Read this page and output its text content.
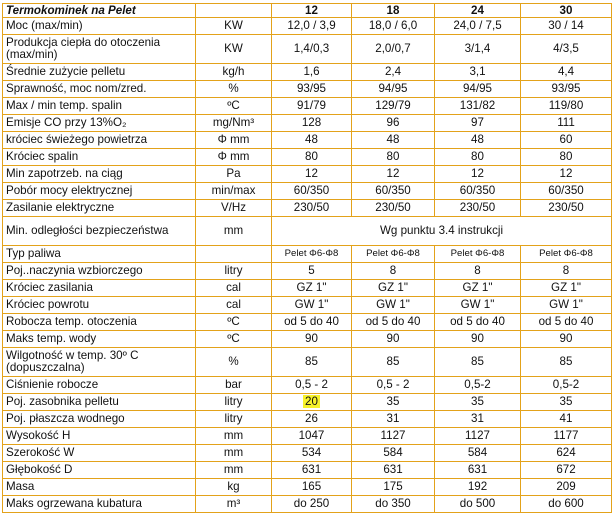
Termokominek na Pelet		12	18	24	30
Moc (max/min)	KW	12,0 / 3,9	18,0 / 6,0	24,0 / 7,5	30 / 14
Produkcja ciepła do otoczenia (max/min)	KW	1,4/0,3	2,0/0,7	3/1,4	4/3,5
Średnie zużycie pelletu	kg/h	1,6	2,4	3,1	4,4
Sprawność, moc nom/zred.	%	93/95	94/95	94/95	93/95
Max / min temp. spalin	ºC	91/79	129/79	131/82	119/80
Emisje CO przy 13%O₂	mg/Nm³	128	96	97	111
króciec świeżego powietrza	Φ mm	48	48	48	60
Króciec spalin	Φ mm	80	80	80	80
Min zapotrzeb. na ciąg	Pa	12	12	12	12
Pobór mocy elektrycznej	min/max	60/350	60/350	60/350	60/350
Zasilanie elektryczne	V/Hz	230/50	230/50	230/50	230/50
Min. odległości bezpieczeństwa	mm	Wg punktu 3.4 instrukcji			
Typ paliwa		Pelet Φ6-Φ8	Pelet Φ6-Φ8	Pelet Φ6-Φ8	Pelet Φ6-Φ8
Poj..naczynia wzbiorczego	litry	5	8	8	8
Króciec zasilania	cal	GZ 1"	GZ 1"	GZ 1"	GZ 1"
Króciec powrotu	cal	GW 1"	GW 1"	GW 1"	GW 1"
Robocza temp. otoczenia	ºC	od 5 do 40	od 5 do 40	od 5 do 40	od 5 do 40
Maks temp. wody	ºC	90	90	90	90
Wilgotność w temp. 30º C (dopuszczalna)	%	85	85	85	85
Ciśnienie robocze	bar	0,5 - 2	0,5 - 2	0,5-2	0,5-2
Poj. zasobnika pelletu	litry	20	35	35	35
Poj. płaszcza wodnego	litry	26	31	31	41
Wysokość H	mm	1047	1127	1127	1177
Szerokość W	mm	534	584	584	624
Głębokość D	mm	631	631	631	672
Masa	kg	165	175	192	209
Maks ogrzewana kubatura	m³	do 250	do 350	do 500	do 600
